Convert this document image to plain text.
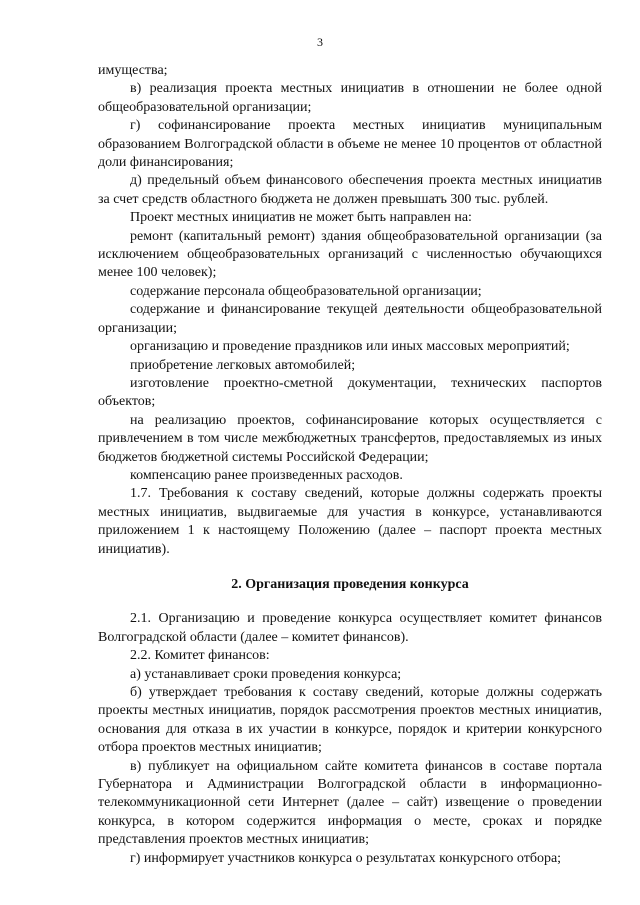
3

имущества;

в) реализация проекта местных инициатив в отношении не более одной общеобразовательной организации;

г) софинансирование проекта местных инициатив муниципальным образованием Волгоградской области в объеме не менее 10 процентов от областной доли финансирования;

д) предельный объем финансового обеспечения проекта местных инициатив за счет средств областного бюджета не должен превышать 300 тыс. рублей.

Проект местных инициатив не может быть направлен на:

ремонт (капитальный ремонт) здания общеобразовательной организации (за исключением общеобразовательных организаций с численностью обучающихся менее 100 человек);

содержание персонала общеобразовательной организации;

содержание и финансирование текущей деятельности общеобразовательной организации;

организацию и проведение праздников или иных массовых мероприятий;

приобретение легковых автомобилей;

изготовление проектно-сметной документации, технических паспортов объектов;

на реализацию проектов, софинансирование которых осуществляется с привлечением в том числе межбюджетных трансфертов, предоставляемых из иных бюджетов бюджетной системы Российской Федерации;

компенсацию ранее произведенных расходов.

1.7. Требования к составу сведений, которые должны содержать проекты местных инициатив, выдвигаемые для участия в конкурсе, устанавливаются приложением 1 к настоящему Положению (далее – паспорт проекта местных инициатив).

2. Организация проведения конкурса

2.1. Организацию и проведение конкурса осуществляет комитет финансов Волгоградской области (далее – комитет финансов).

2.2. Комитет финансов:

а) устанавливает сроки проведения конкурса;

б) утверждает требования к составу сведений, которые должны содержать проекты местных инициатив, порядок рассмотрения проектов местных инициатив, основания для отказа в их участии в конкурсе, порядок и критерии конкурсного отбора проектов местных инициатив;

в) публикует на официальном сайте комитета финансов в составе портала Губернатора и Администрации Волгоградской области в информационно-телекоммуникационной сети Интернет (далее – сайт) извещение о проведении конкурса, в котором содержится информация о месте, сроках и порядке представления проектов местных инициатив;

г) информирует участников конкурса о результатах конкурсного отбора;
